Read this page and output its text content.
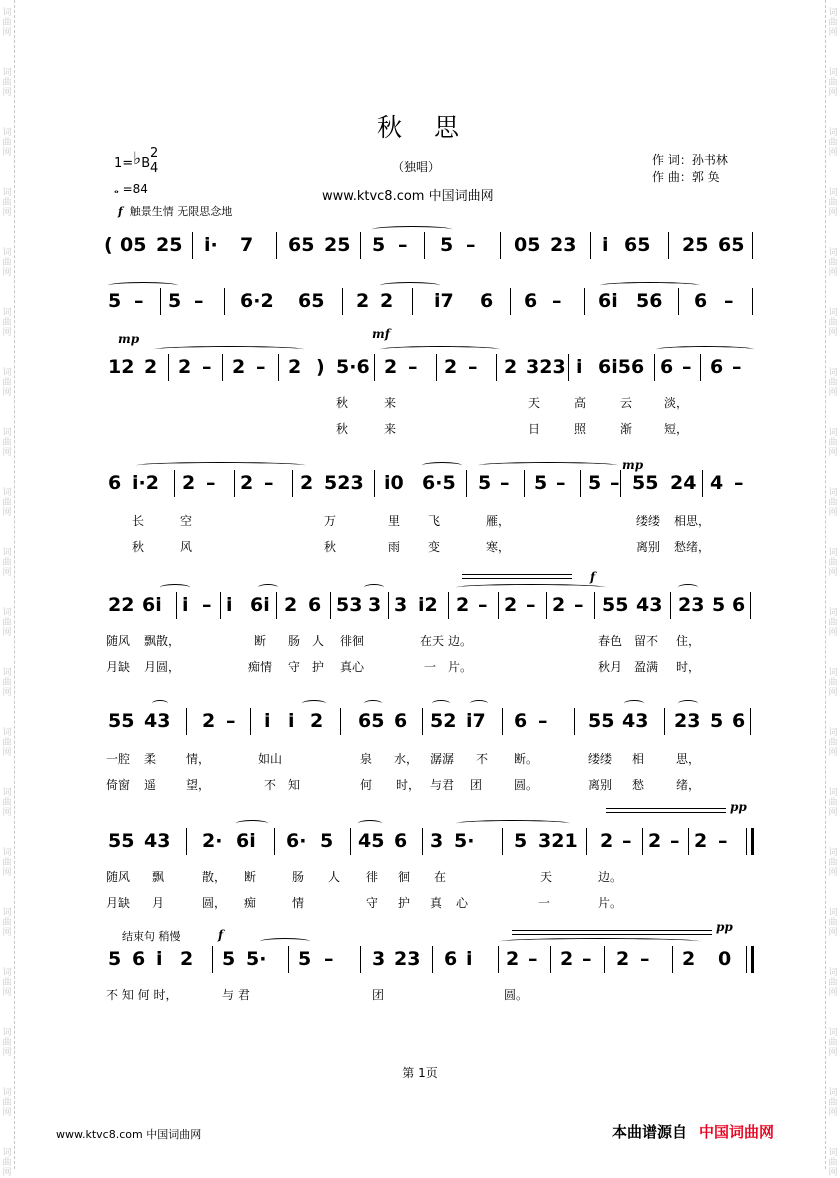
词
曲
网
词
曲
网
词
曲
网
词
曲
网
词
曲
网
词
曲
网
词
曲
网
词
曲
网
词
曲
网
词
曲
网
词
曲
网
词
曲
网
词
曲
网
词
曲
网
词
曲
网
词
曲
网
词
曲
网
词
曲
网
词
曲
网
词
曲
网
词
曲
网
词
曲
网
词
曲
网
词
曲
网
词
曲
网
词
曲
网
词
曲
网
词
曲
网
词
曲
网
词
曲
网
词
曲
网
词
曲
网
词
曲
网
词
曲
网
词
曲
网
词
曲
网
词
曲
网
词
曲
网
词
曲
网
词
曲
网
秋 思
1=♭B
2
4
𝅝 =84
（独唱）
www.ktvc8.com 中国词曲网
作 词：孙书林
作 曲：郭 奂
f 触景生情 无限思念地
mp	mf
mp
f
pp
f
pp
结束句 稍慢
( 05 25 i· 7 65 25 5 – 5 – 05 23 i 65 25 65
5 – 5 – 6·2 65 2 2 i7 6 6 – 6i 56 6 –
12 2 2 – 2 – 2 ) 5·6 2 – 2 – 2 323 i 6i56 6 – 6 –
秋	来	天	高	云	淡，
秋	来	日	照	渐	短，
6 i·2 2 – 2 – 2 523 i0 6·5 5 – 5 – 5 – 55 24 4 –
长	空	万	里 飞	雁，	缕缕 相思，
秋	风	秋	雨 变	寒，	离别 愁绪，
22 6i i – i 6i 2 6 53 3 3 i2 2 – 2 – 2 – 55 43 23 5 6
随风 飘散，	断 肠 人 徘徊	在天 边。	春色 留不 住，
月缺 月圆，	痴情 守 护 真心	一 片。	秋月 盈满 时，
55 43 2 – i i 2 65 6 52 i7 6 – 55 43 23 5 6
一腔 柔 情，	如山	泉 水， 潺潺 不 断。	缕缕 相	思，
倚窗 遥 望，	不 知	何 时， 与君 团	圆。	离别 愁	绪，
55 43 2· 6i 6· 5 45 6 3 5· 5 321 2 – 2 – 2 –
随风 飘	散， 断	肠 人 徘 徊 在	天	边。
月缺 月	圆， 痴	情	守 护 真 心	一	片。
5 6 i 2 5 5· 5 – 3 23 6 i 2 – 2 – 2 – 2 0
不 知 何 时，	与 君	团	圆。
第 1页
www.ktvc8.com 中国词曲网	本曲谱源自 中国词曲网
